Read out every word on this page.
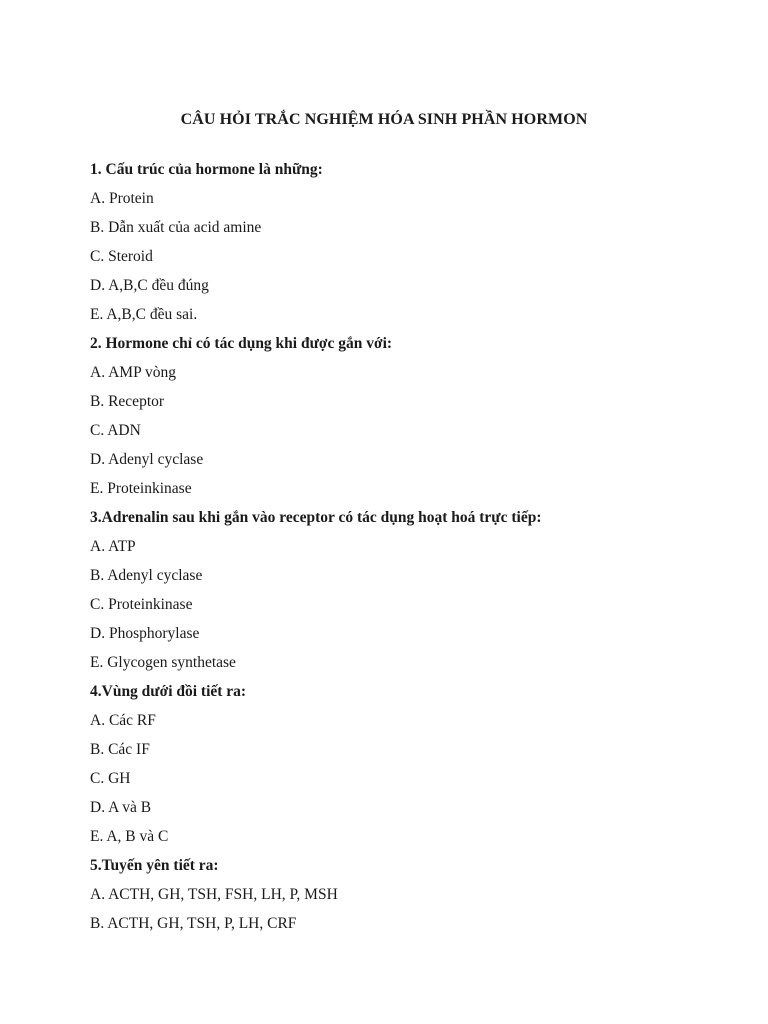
CÂU HỎI TRẮC NGHIỆM HÓA SINH PHẦN HORMON
1. Cấu trúc của hormone là những:
A. Protein
B. Dẫn xuất của acid amine
C. Steroid
D. A,B,C đều đúng
E. A,B,C đều sai.
2. Hormone chỉ có tác dụng khi được gắn với:
A. AMP vòng
B. Receptor
C. ADN
D. Adenyl cyclase
E. Proteinkinase
3.Adrenalin sau khi gắn vào receptor có tác dụng hoạt hoá trực tiếp:
A. ATP
B. Adenyl cyclase
C. Proteinkinase
D. Phosphorylase
E. Glycogen synthetase
4.Vùng dưới đồi tiết ra:
A. Các RF
B. Các IF
C. GH
D. A và B
E. A, B và C
5.Tuyến yên tiết ra:
A. ACTH, GH, TSH, FSH, LH, P, MSH
B. ACTH, GH, TSH, P, LH, CRF
